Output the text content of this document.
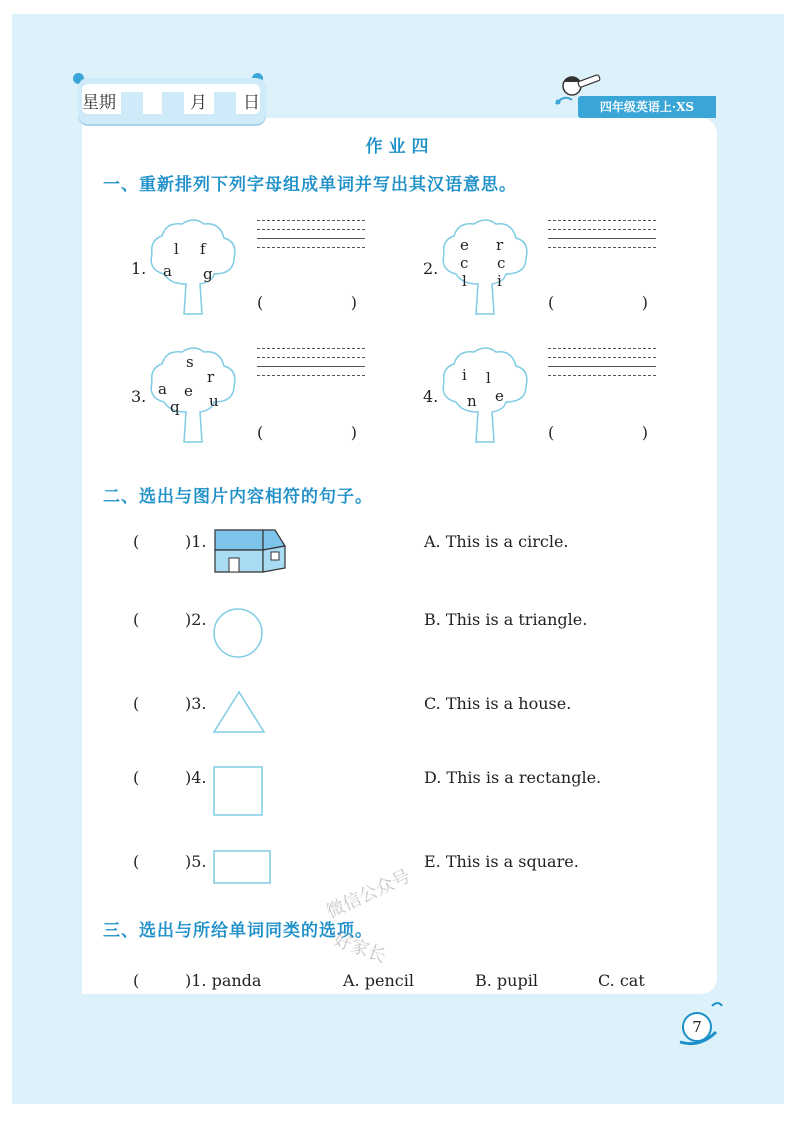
星期	月 日	四年级英语上·XS
作业四
一、重新排列下列字母组成单词并写出其汉语意思。
1.
l f
a g
(	)
2.
e r
c c
l i
(	)
3.
s
r
a e
q u
(	)
4.
i l
n e
(	)
二、选出与图片内容相符的句子。
(	)1.	A. This is a circle.
(	)2.	B. This is a triangle.
(	)3.	C. This is a house.
(	)4.	D. This is a rectangle.
(	)5.	E. This is a square.
三、选出与所给单词同类的选项。
(	)1. panda	A. pencil	B. pupil	C. cat
微信公众号
好家长
7
